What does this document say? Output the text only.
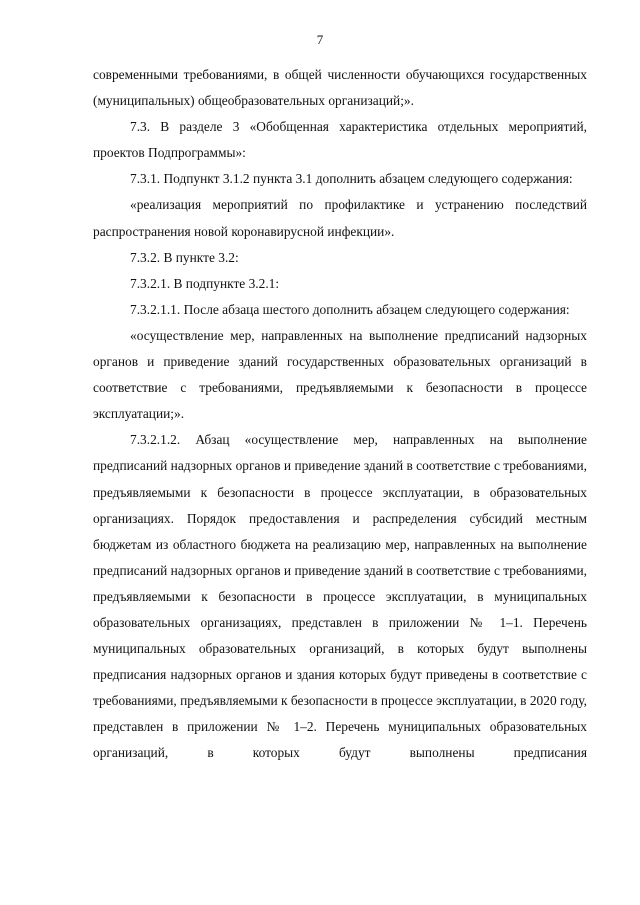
7

современными требованиями, в общей численности обучающихся государственных (муниципальных) общеобразовательных организаций;».

7.3. В разделе 3 «Обобщенная характеристика отдельных мероприятий, проектов Подпрограммы»:

7.3.1. Подпункт 3.1.2 пункта 3.1 дополнить абзацем следующего содержания:

«реализация мероприятий по профилактике и устранению последствий распространения новой коронавирусной инфекции».

7.3.2. В пункте 3.2:

7.3.2.1. В подпункте 3.2.1:

7.3.2.1.1. После абзаца шестого дополнить абзацем следующего содержания:

«осуществление мер, направленных на выполнение предписаний надзорных органов и приведение зданий государственных образовательных организаций в соответствие с требованиями, предъявляемыми к безопасности в процессе эксплуатации;».

7.3.2.1.2. Абзац «осуществление мер, направленных на выполнение предписаний надзорных органов и приведение зданий в соответствие с требованиями, предъявляемыми к безопасности в процессе эксплуатации, в образовательных организациях. Порядок предоставления и распределения субсидий местным бюджетам из областного бюджета на реализацию мер, направленных на выполнение предписаний надзорных органов и приведение зданий в соответствие с требованиями, предъявляемыми к безопасности в процессе эксплуатации, в муниципальных образовательных организациях, представлен в приложении № 1–1. Перечень муниципальных образовательных организаций, в которых будут выполнены предписания надзорных органов и здания которых будут приведены в соответствие с требованиями, предъявляемыми к безопасности в процессе эксплуатации, в 2020 году, представлен в приложении № 1–2. Перечень муниципальных образовательных организаций, в которых будут выполнены предписания
